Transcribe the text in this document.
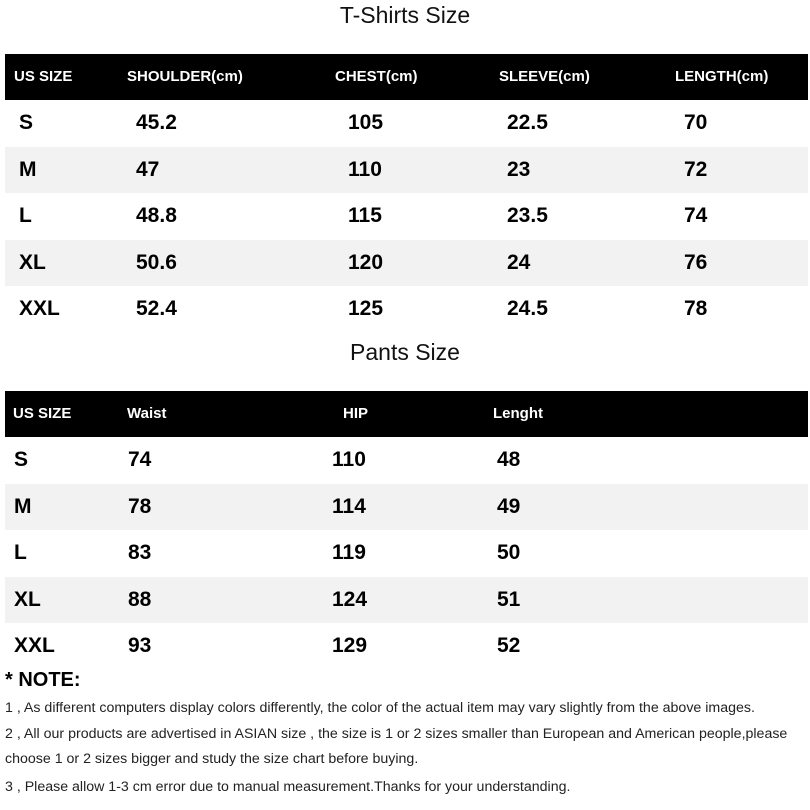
T-Shirts Size
US SIZE	SHOULDER(cm)	CHEST(cm)	SLEEVE(cm)	LENGTH(cm)
S	45.2	105	22.5	70
M	47	110	23	72
L	48.8	115	23.5	74
XL	50.6	120	24	76
XXL	52.4	125	24.5	78
Pants Size
US SIZE	Waist	HIP	Lenght
S	74	110	48
M	78	114	49
L	83	119	50
XL	88	124	51
XXL	93	129	52
* NOTE:
1 , As different computers display colors differently, the color of the actual item may vary slightly from the above images.
2 , All our products are advertised in ASIAN size , the size is 1 or 2 sizes smaller than European and American people,please choose 1 or 2 sizes bigger and study the size chart before buying.
3 , Please allow 1-3 cm error due to manual measurement.Thanks for your understanding.
